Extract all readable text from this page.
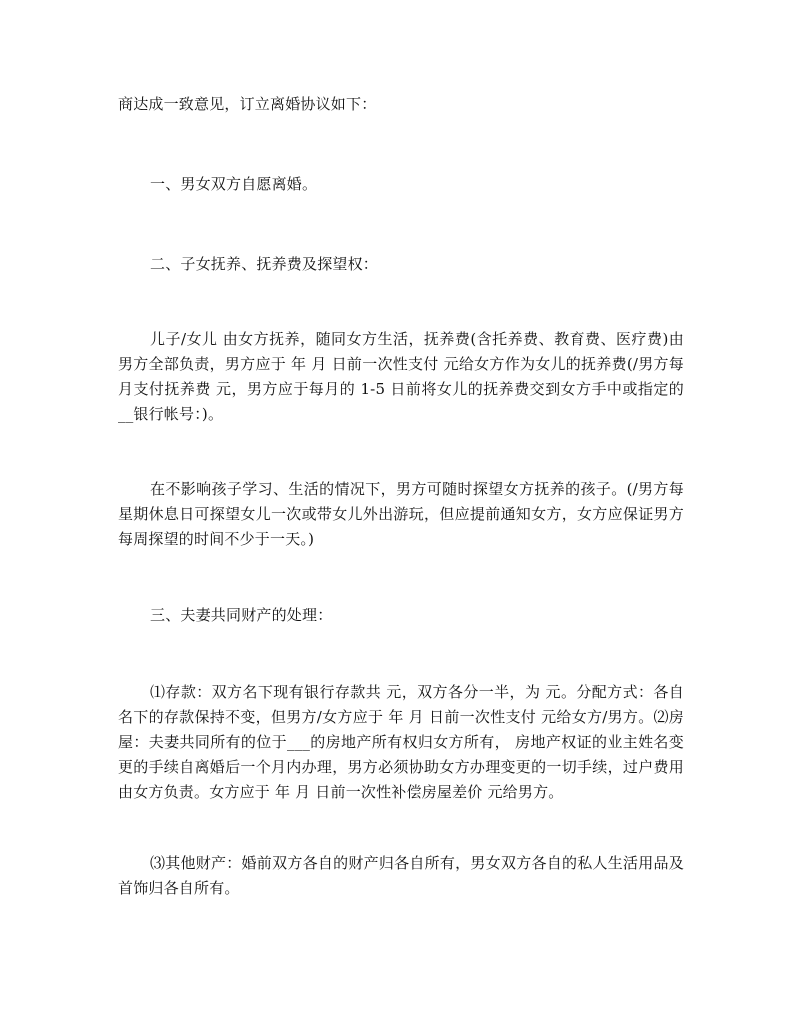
商达成一致意见，订立离婚协议如下：

一、男女双方自愿离婚。

二、子女抚养、抚养费及探望权：

儿子/女儿 由女方抚养，随同女方生活，抚养费(含托养费、教育费、医疗费)由男方全部负责，男方应于 年 月 日前一次性支付 元给女方作为女儿的抚养费(/男方每月支付抚养费 元，男方应于每月的 1-5 日前将女儿的抚养费交到女方手中或指定的__银行帐号：)。

在不影响孩子学习、生活的情况下，男方可随时探望女方抚养的孩子。(/男方每星期休息日可探望女儿一次或带女儿外出游玩，但应提前通知女方，女方应保证男方每周探望的时间不少于一天。)

三、夫妻共同财产的处理：

⑴存款：双方名下现有银行存款共 元，双方各分一半，为 元。分配方式：各自名下的存款保持不变，但男方/女方应于 年 月 日前一次性支付 元给女方/男方。⑵房屋：夫妻共同所有的位于___的房地产所有权归女方所有， 房地产权证的业主姓名变更的手续自离婚后一个月内办理，男方必须协助女方办理变更的一切手续，过户费用由女方负责。女方应于 年 月 日前一次性补偿房屋差价 元给男方。

⑶其他财产：婚前双方各自的财产归各自所有，男女双方各自的私人生活用品及首饰归各自所有。
